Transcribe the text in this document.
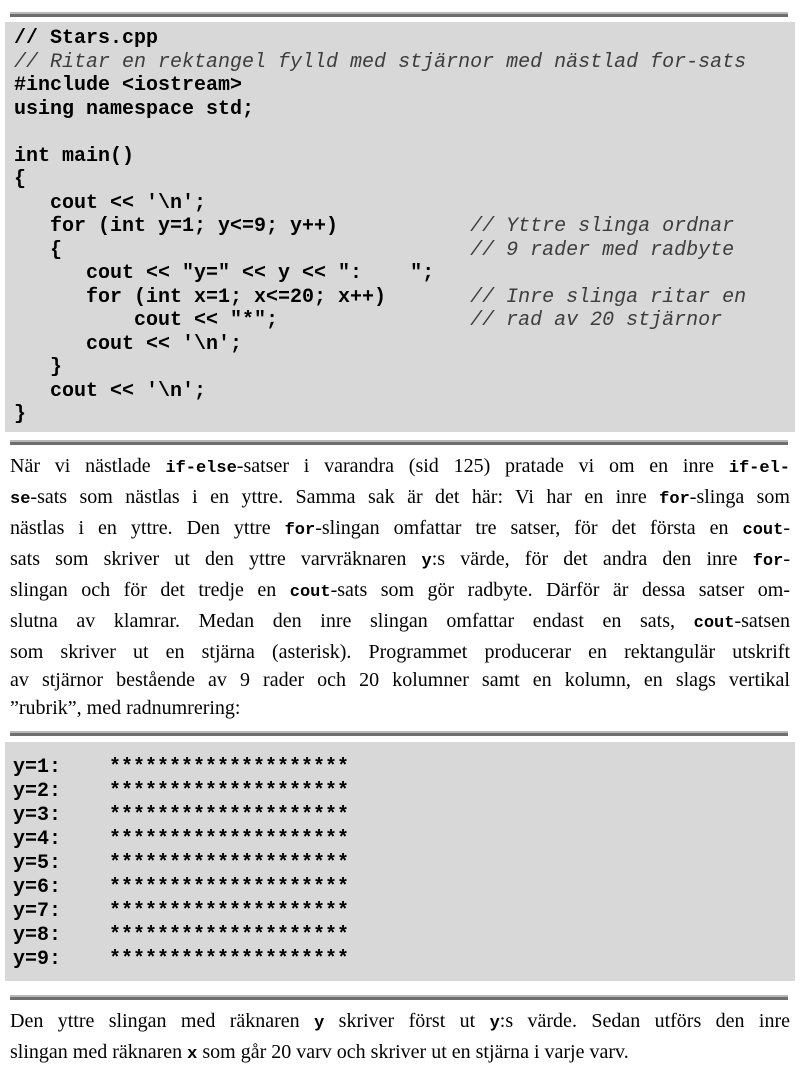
// Stars.cpp
// Ritar en rektangel fylld med stjärnor med nästlad for-sats
#include <iostream>
using namespace std;
int main()
{
cout << '\n';
for (int y=1; y<=9; y++)           // Yttre slinga ordnar
{                                  // 9 rader med radbyte
cout << "y=" << y << ":    ";
for (int x=1; x<=20; x++)       // Inre slinga ritar en
cout << "*";                // rad av 20 stjärnor
cout << '\n';
}
cout << '\n';
}
När vi nästlade if-else-satser i varandra (sid 125) pratade vi om en inre if-el-
se-sats som nästlas i en yttre. Samma sak är det här: Vi har en inre for-slinga som
nästlas i en yttre. Den yttre for-slingan omfattar tre satser, för det första en cout-
sats som skriver ut den yttre varvräknaren y:s värde, för det andra den inre for-
slingan och för det tredje en cout-sats som gör radbyte. Därför är dessa satser om-
slutna av klamrar. Medan den inre slingan omfattar endast en sats, cout-satsen
som skriver ut en stjärna (asterisk). Programmet producerar en rektangulär utskrift
av stjärnor bestående av 9 rader och 20 kolumner samt en kolumn, en slags vertikal
”rubrik”, med radnumrering:
y=1:    ********************
y=2:    ********************
y=3:    ********************
y=4:    ********************
y=5:    ********************
y=6:    ********************
y=7:    ********************
y=8:    ********************
y=9:    ********************
Den yttre slingan med räknaren y skriver först ut y:s värde. Sedan utförs den inre
slingan med räknaren x som går 20 varv och skriver ut en stjärna i varje varv.
